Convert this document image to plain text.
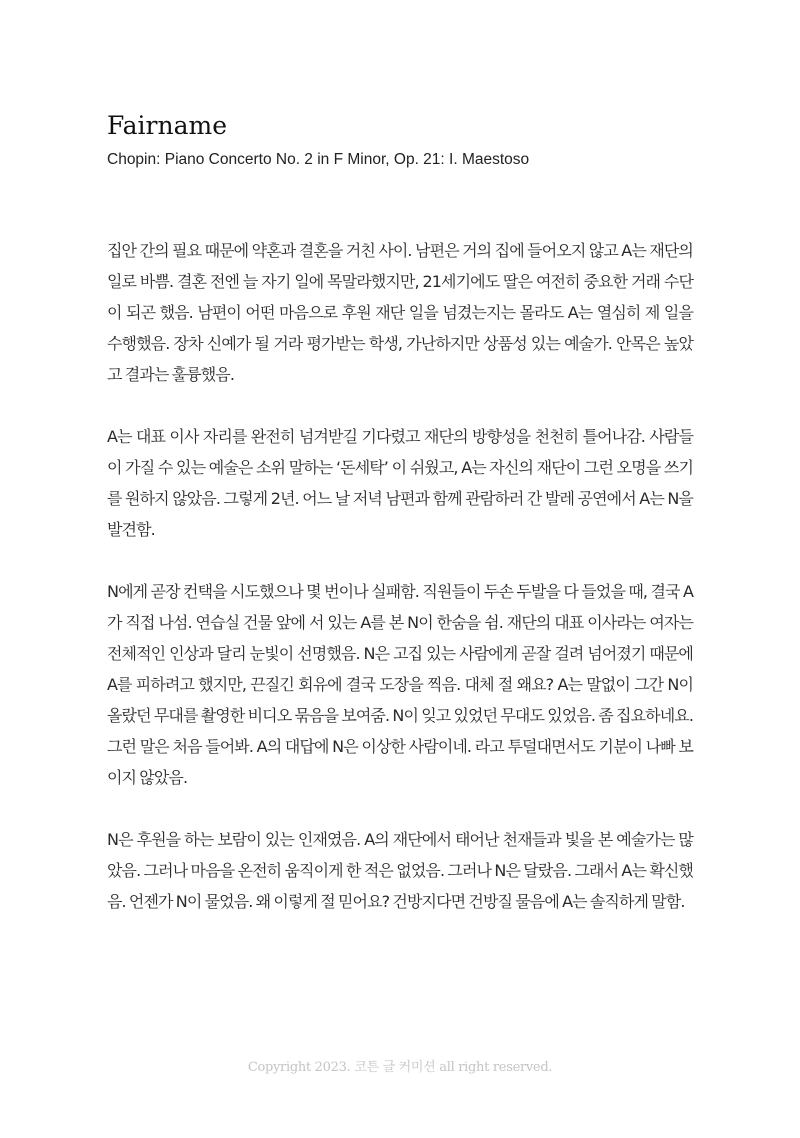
Fairname

Chopin: Piano Concerto No. 2 in F Minor, Op. 21: I. Maestoso

집안 간의 필요 때문에 약혼과 결혼을 거친 사이. 남편은 거의 집에 들어오지 않고 A는 재단의 일로 바쁨. 결혼 전엔 늘 자기 일에 목말라했지만, 21세기에도 딸은 여전히 중요한 거래 수단이 되곤 했음. 남편이 어떤 마음으로 후원 재단 일을 넘겼는지는 몰라도 A는 열심히 제 일을 수행했음. 장차 신예가 될 거라 평가받는 학생, 가난하지만 상품성 있는 예술가. 안목은 높았고 결과는 훌륭했음.

A는 대표 이사 자리를 완전히 넘겨받길 기다렸고 재단의 방향성을 천천히 틀어나감. 사람들이 가질 수 있는 예술은 소위 말하는 ‘돈세탁’ 이 쉬웠고, A는 자신의 재단이 그런 오명을 쓰기를 원하지 않았음. 그렇게 2년. 어느 날 저녁 남편과 함께 관람하러 간 발레 공연에서 A는 N을 발견함.

N에게 곧장 컨택을 시도했으나 몇 번이나 실패함. 직원들이 두손 두발을 다 들었을 때, 결국 A가 직접 나섬. 연습실 건물 앞에 서 있는 A를 본 N이 한숨을 쉼. 재단의 대표 이사라는 여자는 전체적인 인상과 달리 눈빛이 선명했음. N은 고집 있는 사람에게 곧잘 걸려 넘어졌기 때문에 A를 피하려고 했지만, 끈질긴 회유에 결국 도장을 찍음. 대체 절 왜요? A는 말없이 그간 N이 올랐던 무대를 촬영한 비디오 묶음을 보여줌. N이 잊고 있었던 무대도 있었음. 좀 집요하네요. 그런 말은 처음 들어봐. A의 대답에 N은 이상한 사람이네. 라고 투덜대면서도 기분이 나빠 보이지 않았음.

N은 후원을 하는 보람이 있는 인재였음. A의 재단에서 태어난 천재들과 빛을 본 예술가는 많았음. 그러나 마음을 온전히 움직이게 한 적은 없었음. 그러나 N은 달랐음. 그래서 A는 확신했음. 언젠가 N이 물었음. 왜 이렇게 절 믿어요? 건방지다면 건방질 물음에 A는 솔직하게 말함.

Copyright 2023. 코튼 글 커미션 all right reserved.
